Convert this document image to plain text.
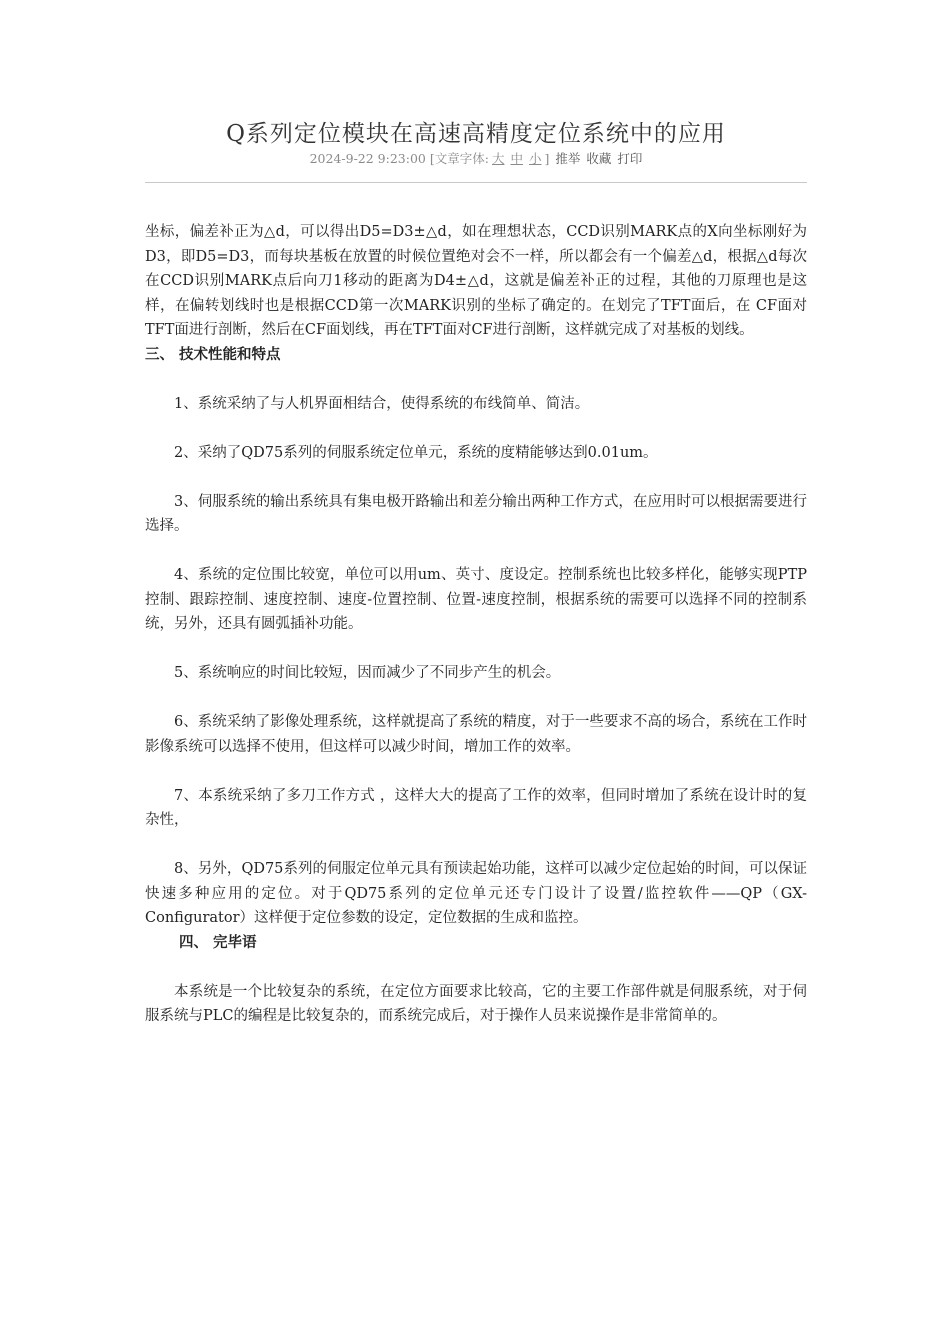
Q系列定位模块在高速高精度定位系统中的应用
2024-9-22 9:23:00 [文章字体: 大 中 小 ] 推举 收藏 打印

坐标，偏差补正为△d，可以得出D5=D3±△d，如在理想状态，CCD识别MARK点的X向坐标刚好为D3，即D5=D3，而每块基板在放置的时候位置绝对会不一样，所以都会有一个偏差△d，根据△d每次在CCD识别MARK点后向刀1移动的距离为D4±△d，这就是偏差补正的过程，其他的刀原理也是这样，在偏转划线时也是根据CCD第一次MARK识别的坐标了确定的。在划完了TFT面后，在 CF面对TFT面进行剖断，然后在CF面划线，再在TFT面对CF进行剖断，这样就完成了对基板的划线。

三、 技术性能和特点

1、系统采纳了与人机界面相结合，使得系统的布线简单、简洁。

2、采纳了QD75系列的伺服系统定位单元，系统的度精能够达到0.01um。

3、伺服系统的输出系统具有集电极开路输出和差分输出两种工作方式，在应用时可以根据需要进行选择。

4、系统的定位围比较宽，单位可以用um、英寸、度设定。控制系统也比较多样化，能够实现PTP控制、跟踪控制、速度控制、速度-位置控制、位置-速度控制，根据系统的需要可以选择不同的控制系统，另外，还具有圆弧插补功能。

5、系统响应的时间比较短，因而减少了不同步产生的机会。

6、系统采纳了影像处理系统，这样就提高了系统的精度，对于一些要求不高的场合，系统在工作时影像系统可以选择不使用，但这样可以减少时间，增加工作的效率。

7、本系统采纳了多刀工作方式 ，这样大大的提高了工作的效率，但同时增加了系统在设计时的复杂性，

8、另外，QD75系列的伺服定位单元具有预读起始功能，这样可以减少定位起始的时间，可以保证快速多种应用的定位。对于QD75系列的定位单元还专门设计了设置/监控软件——QP（GX-Configurator）这样便于定位参数的设定，定位数据的生成和监控。

四、 完毕语

本系统是一个比较复杂的系统，在定位方面要求比较高，它的主要工作部件就是伺服系统，对于伺服系统与PLC的编程是比较复杂的，而系统完成后，对于操作人员来说操作是非常简单的。
